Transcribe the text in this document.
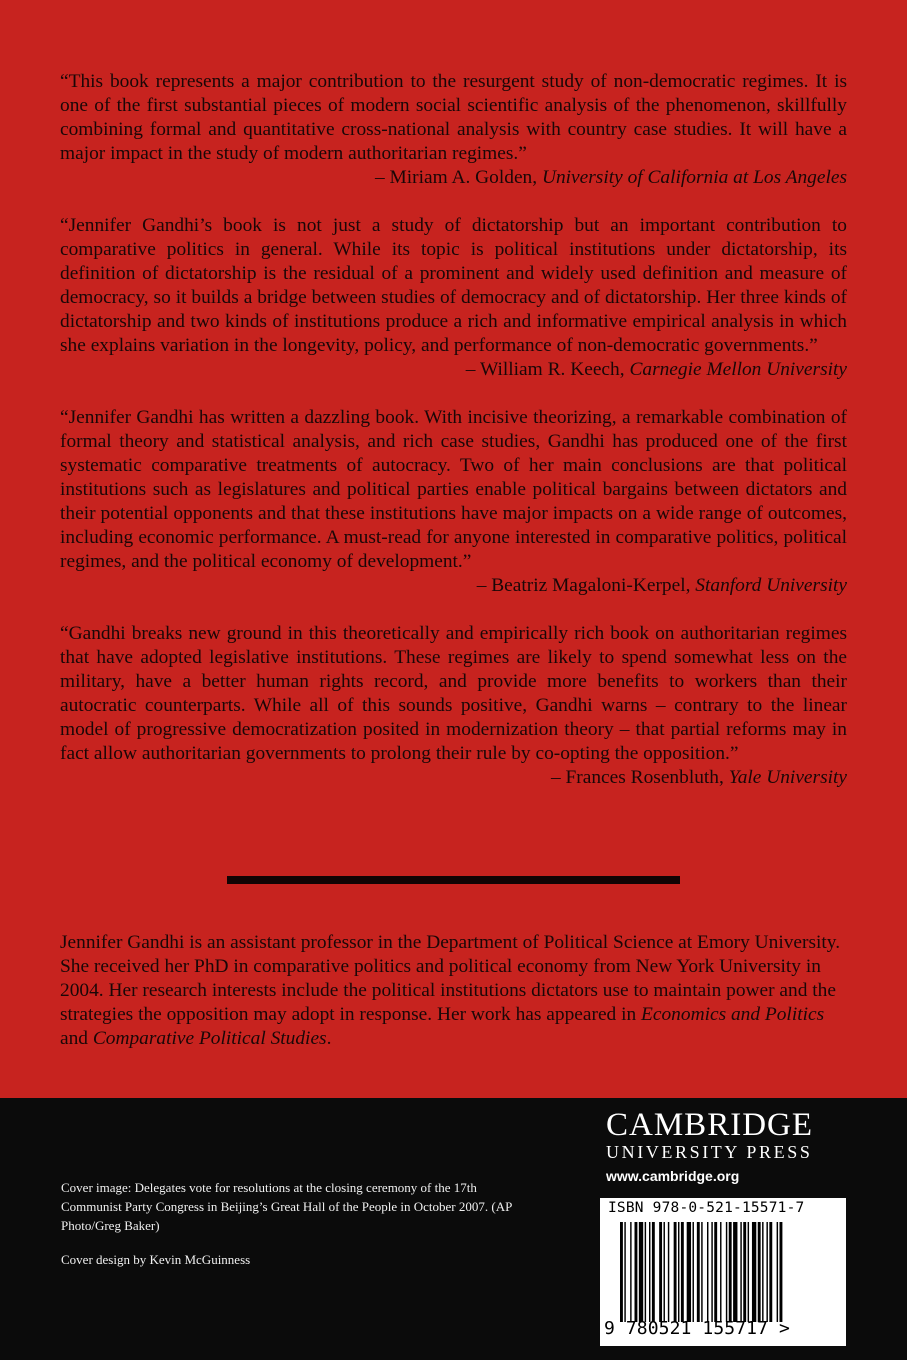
“This book represents a major contribution to the resurgent study of non-democratic regimes. It is one of the first substantial pieces of modern social scientific analysis of the phenomenon, skillfully combining formal and quantitative cross-national analysis with country case studies. It will have a major impact in the study of modern authoritarian regimes.”

– Miriam A. Golden, University of California at Los Angeles

“Jennifer Gandhi’s book is not just a study of dictatorship but an important contribution to comparative politics in general. While its topic is political institutions under dictatorship, its definition of dictatorship is the residual of a prominent and widely used definition and measure of democracy, so it builds a bridge between studies of democracy and of dictatorship. Her three kinds of dictatorship and two kinds of institutions produce a rich and informative empirical analysis in which she explains variation in the longevity, policy, and performance of non-democratic governments.”

– William R. Keech, Carnegie Mellon University

“Jennifer Gandhi has written a dazzling book. With incisive theorizing, a remarkable combination of formal theory and statistical analysis, and rich case studies, Gandhi has produced one of the first systematic comparative treatments of autocracy. Two of her main conclusions are that political institutions such as legislatures and political parties enable political bargains between dictators and their potential opponents and that these institutions have major impacts on a wide range of outcomes, including economic performance. A must-read for anyone interested in comparative politics, political regimes, and the political economy of development.”

– Beatriz Magaloni-Kerpel, Stanford University

“Gandhi breaks new ground in this theoretically and empirically rich book on authoritarian regimes that have adopted legislative institutions. These regimes are likely to spend somewhat less on the military, have a better human rights record, and provide more benefits to workers than their autocratic counterparts. While all of this sounds positive, Gandhi warns – contrary to the linear model of progressive democratization posited in modernization theory – that partial reforms may in fact allow authoritarian governments to prolong their rule by co-opting the opposition.”

– Frances Rosenbluth, Yale University

Jennifer Gandhi is an assistant professor in the Department of Political Science at Emory University. She received her PhD in comparative politics and political economy from New York University in 2004. Her research interests include the political institutions dictators use to maintain power and the strategies the opposition may adopt in response. Her work has appeared in Economics and Politics and Comparative Political Studies.

Cover image: Delegates vote for resolutions at the closing ceremony of the 17th Communist Party Congress in Beijing’s Great Hall of the People in October 2007. (AP Photo/Greg Baker)

Cover design by Kevin McGuinness

CAMBRIDGE

UNIVERSITY PRESS

www.cambridge.org
ISBN 978-0-521-15571-7
9 780521 155717 >
